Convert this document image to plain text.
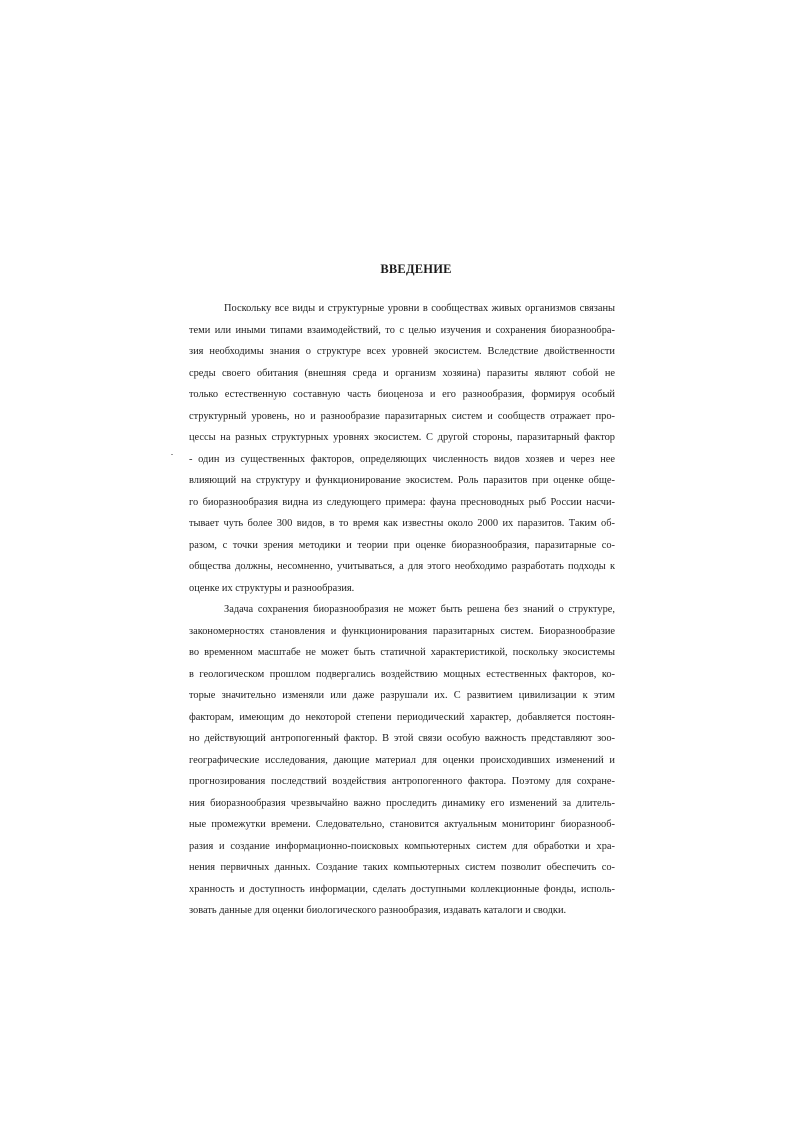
ВВЕДЕНИЕ
Поскольку все виды и структурные уровни в сообществах живых организмов связаны
теми или иными типами взаимодействий, то с целью изучения и сохранения биоразнообра-
зия необходимы знания о структуре всех уровней экосистем. Вследствие двойственности
среды своего обитания (внешняя среда и организм хозяина) паразиты являют собой не
только естественную составную часть биоценоза и его разнообразия, формируя особый
структурный уровень, но и разнообразие паразитарных систем и сообществ отражает про-
цессы на разных структурных уровнях экосистем. С другой стороны, паразитарный фактор
- один из существенных факторов, определяющих численность видов хозяев и через нее
влияющий на структуру и функционирование экосистем. Роль паразитов при оценке обще-
го биоразнообразия видна из следующего примера: фауна пресноводных рыб России насчи-
тывает чуть более 300 видов, в то время как известны около 2000 их паразитов. Таким об-
разом, с точки зрения методики и теории при оценке биоразнообразия, паразитарные со-
общества должны, несомненно, учитываться, а для этого необходимо разработать подходы к
оценке их структуры и разнообразия.
Задача сохранения биоразнообразия не может быть решена без знаний о структуре,
закономерностях становления и функционирования паразитарных систем. Биоразнообразие
во временном масштабе не может быть статичной характеристикой, поскольку экосистемы
в геологическом прошлом подвергались воздействию мощных естественных факторов, ко-
торые значительно изменяли или даже разрушали их. С развитием цивилизации к этим
факторам, имеющим до некоторой степени периодический характер, добавляется постоян-
но действующий антропогенный фактор. В этой связи особую важность представляют зоо-
географические исследования, дающие материал для оценки происходивших изменений и
прогнозирования последствий воздействия антропогенного фактора. Поэтому для сохране-
ния биоразнообразия чрезвычайно важно проследить динамику его изменений за длитель-
ные промежутки времени. Следовательно, становится актуальным мониторинг биоразнооб-
разия и создание информационно-поисковых компьютерных систем для обработки и хра-
нения первичных данных. Создание таких компьютерных систем позволит обеспечить со-
хранность и доступность информации, сделать доступными коллекционные фонды, исполь-
зовать данные для оценки биологического разнообразия, издавать каталоги и сводки.
